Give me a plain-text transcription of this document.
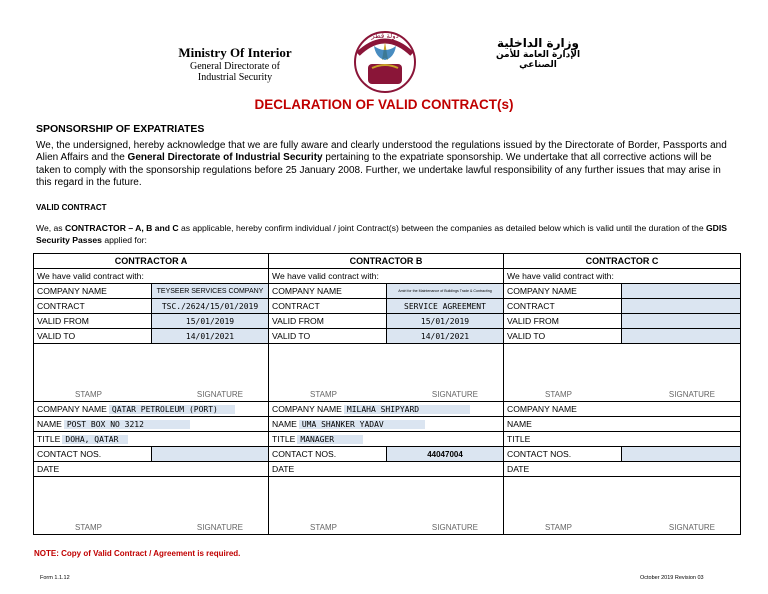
Ministry Of Interior
General Directorate of
Industrial Security
دولة قطر	وزارة الداخلية
الإدارة العامة للأمن الصناعي
DECLARATION OF VALID CONTRACT(s)
SPONSORSHIP OF EXPATRIATES
We, the undersigned, hereby acknowledge that we are fully aware and clearly understood the regulations issued by the Directorate of Border, Passports and Alien Affairs and the General Directorate of Industrial Security pertaining to the expatriate sponsorship. We undertake that all corrective actions will be taken to comply with the sponsorship regulations before 25 January 2008. Further, we undertake lawful responsibility of any further issues that may arise in this regard in the future.
VALID CONTRACT
We, as CONTRACTOR – A, B and C as applicable, hereby confirm individual / joint Contract(s) between the companies as detailed below which is valid until the duration of the GDIS Security Passes applied for:
CONTRACTOR A		CONTRACTOR B		CONTRACTOR C	
We have valid contract with:		We have valid contract with:		We have valid contract with:	
COMPANY NAME	TEYSEER SERVICES COMPANY	COMPANY NAME	Amiri for the Maintenance of Buildings Trade & Contracting	COMPANY NAME	
CONTRACT	TSC./2624/15/01/2019	CONTRACT	SERVICE AGREEMENT	CONTRACT	
VALID FROM	15/01/2019	VALID FROM	15/01/2019	VALID FROM	
VALID TO	14/01/2021	VALID TO	14/01/2021	VALID TO	

STAMP SIGNATURE		STAMP SIGNATURE		STAMP SIGNATURE	

COMPANY NAME QATAR PETROLEUM (PORT)		COMPANY NAME MILAHA SHIPYARD		COMPANY NAME	
NAME POST BOX NO 3212		NAME UMA SHANKER YADAV		NAME	
TITLE DOHA, QATAR		TITLE MANAGER		TITLE	
CONTACT NOS.		CONTACT NOS.	44047004	CONTACT NOS.	
DATE		DATE		DATE	

STAMP SIGNATURE		STAMP SIGNATURE		STAMP SIGNATURE	
NOTE: Copy of Valid Contract / Agreement is required.
Form 1.1.12	October 2019 Revision 03
